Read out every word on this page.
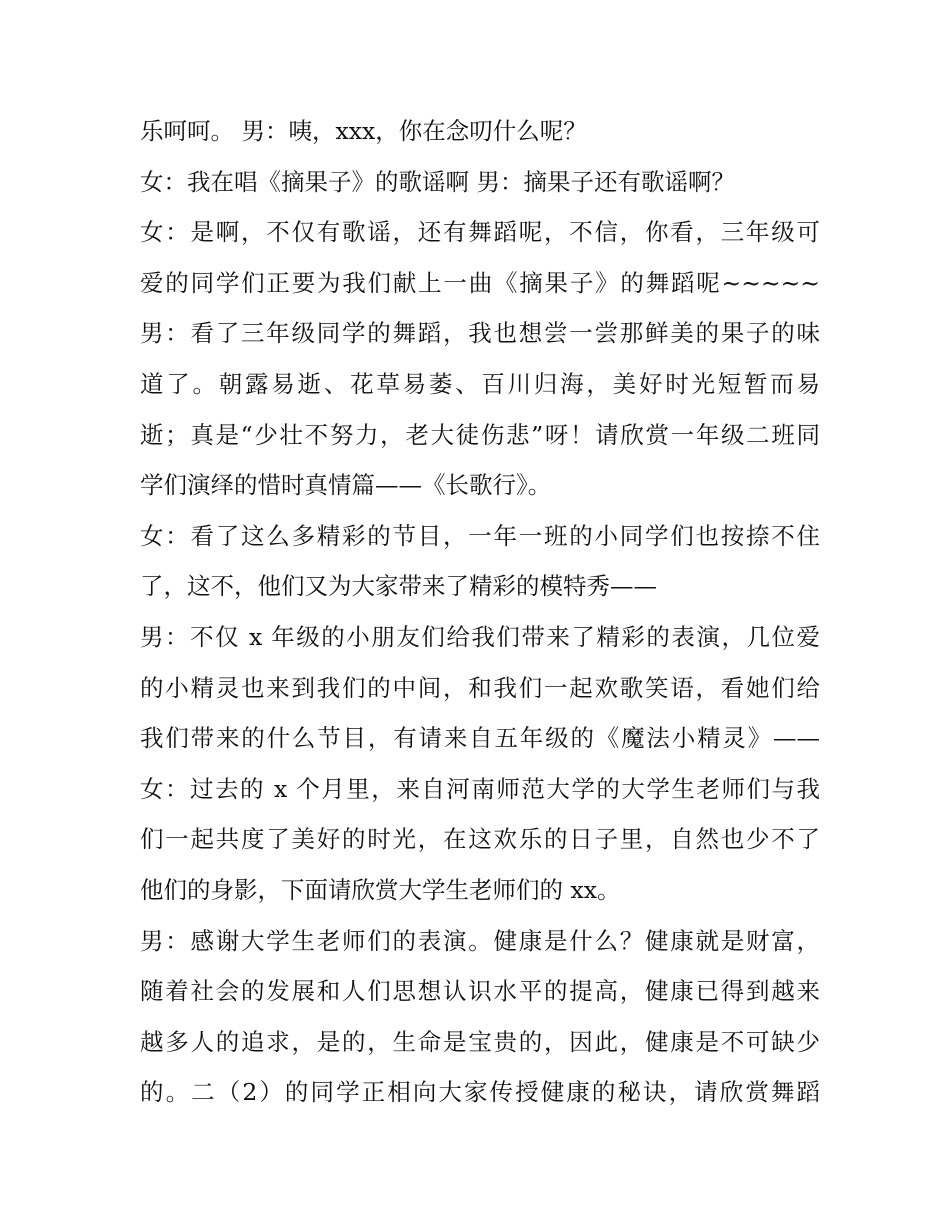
乐呵呵。 男：咦，xxx，你在念叨什么呢？
女：我在唱《摘果子》的歌谣啊 男：摘果子还有歌谣啊？
女：是啊，不仅有歌谣，还有舞蹈呢，不信，你看，三年级可
爱的同学们正要为我们献上一曲《摘果子》的舞蹈呢~~~~~
男：看了三年级同学的舞蹈，我也想尝一尝那鲜美的果子的味
道了。朝露易逝、花草易萎、百川归海，美好时光短暂而易
逝；真是“少壮不努力，老大徒伤悲”呀！请欣赏一年级二班同
学们演绎的惜时真情篇——《长歌行》。
女：看了这么多精彩的节目，一年一班的小同学们也按捺不住
了，这不，他们又为大家带来了精彩的模特秀——
男：不仅 x 年级的小朋友们给我们带来了精彩的表演，几位爱
的小精灵也来到我们的中间，和我们一起欢歌笑语，看她们给
我们带来的什么节目，有请来自五年级的《魔法小精灵》——
女：过去的 x 个月里，来自河南师范大学的大学生老师们与我
们一起共度了美好的时光，在这欢乐的日子里，自然也少不了
他们的身影，下面请欣赏大学生老师们的 xx。
男：感谢大学生老师们的表演。健康是什么？健康就是财富，
随着社会的发展和人们思想认识水平的提高，健康已得到越来
越多人的追求，是的，生命是宝贵的，因此，健康是不可缺少
的。二（2）的同学正相向大家传授健康的秘诀，请欣赏舞蹈
